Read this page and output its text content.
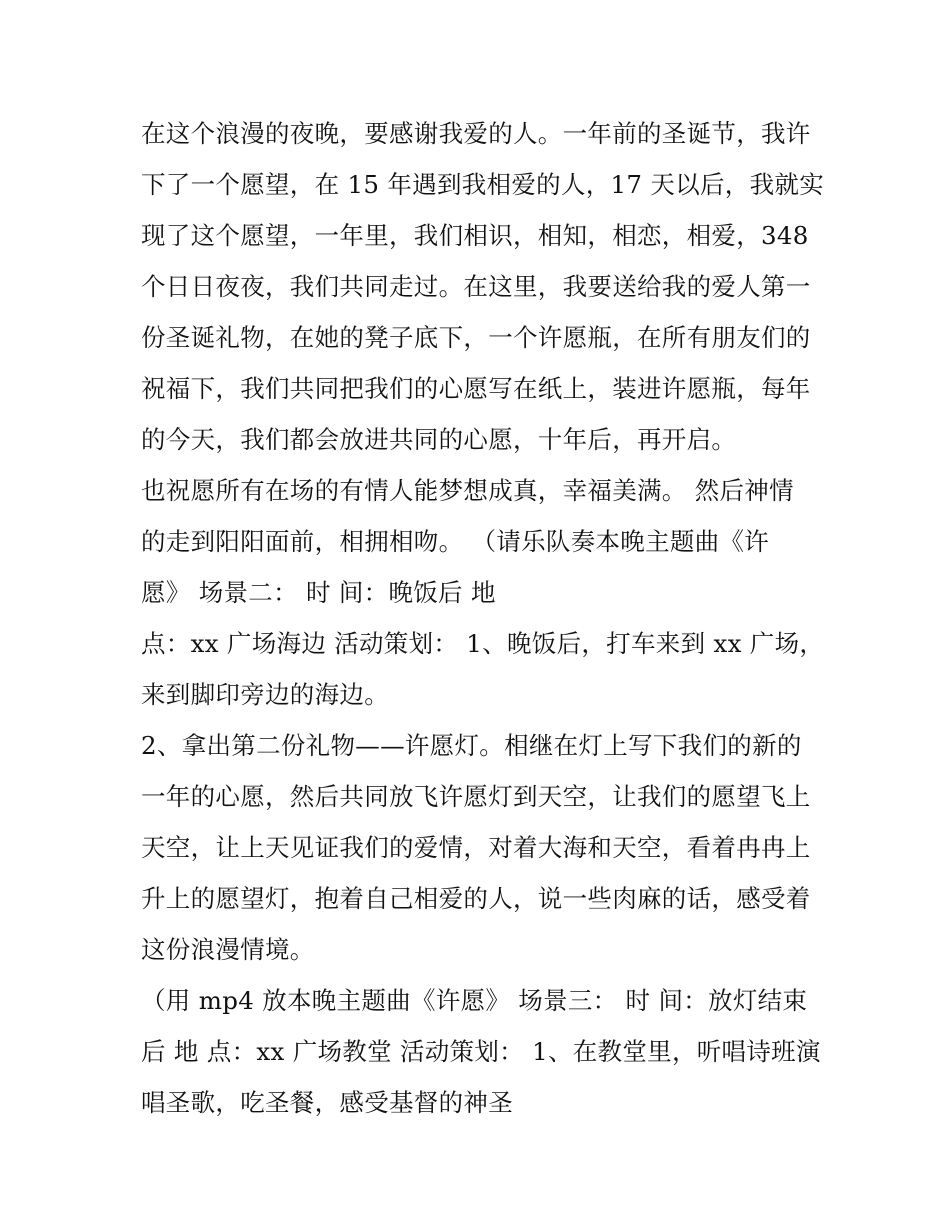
在这个浪漫的夜晚，要感谢我爱的人。一年前的圣诞节，我许
下了一个愿望，在 15 年遇到我相爱的人，17 天以后，我就实
现了这个愿望，一年里，我们相识，相知，相恋，相爱，348
个日日夜夜，我们共同走过。在这里，我要送给我的爱人第一
份圣诞礼物，在她的凳子底下，一个许愿瓶，在所有朋友们的
祝福下，我们共同把我们的心愿写在纸上，装进许愿瓶，每年
的今天，我们都会放进共同的心愿，十年后，再开启。
也祝愿所有在场的有情人能梦想成真，幸福美满。 然后神情
的走到阳阳面前，相拥相吻。 （请乐队奏本晚主题曲《许
愿》 场景二： 时 间：晚饭后 地
点：xx 广场海边 活动策划： 1、晚饭后，打车来到 xx 广场，
来到脚印旁边的海边。
2、拿出第二份礼物——许愿灯。相继在灯上写下我们的新的
一年的心愿，然后共同放飞许愿灯到天空，让我们的愿望飞上
天空，让上天见证我们的爱情，对着大海和天空，看着冉冉上
升上的愿望灯，抱着自己相爱的人，说一些肉麻的话，感受着
这份浪漫情境。
（用 mp4 放本晚主题曲《许愿》 场景三： 时 间：放灯结束
后 地 点：xx 广场教堂 活动策划： 1、在教堂里，听唱诗班演
唱圣歌，吃圣餐，感受基督的神圣
